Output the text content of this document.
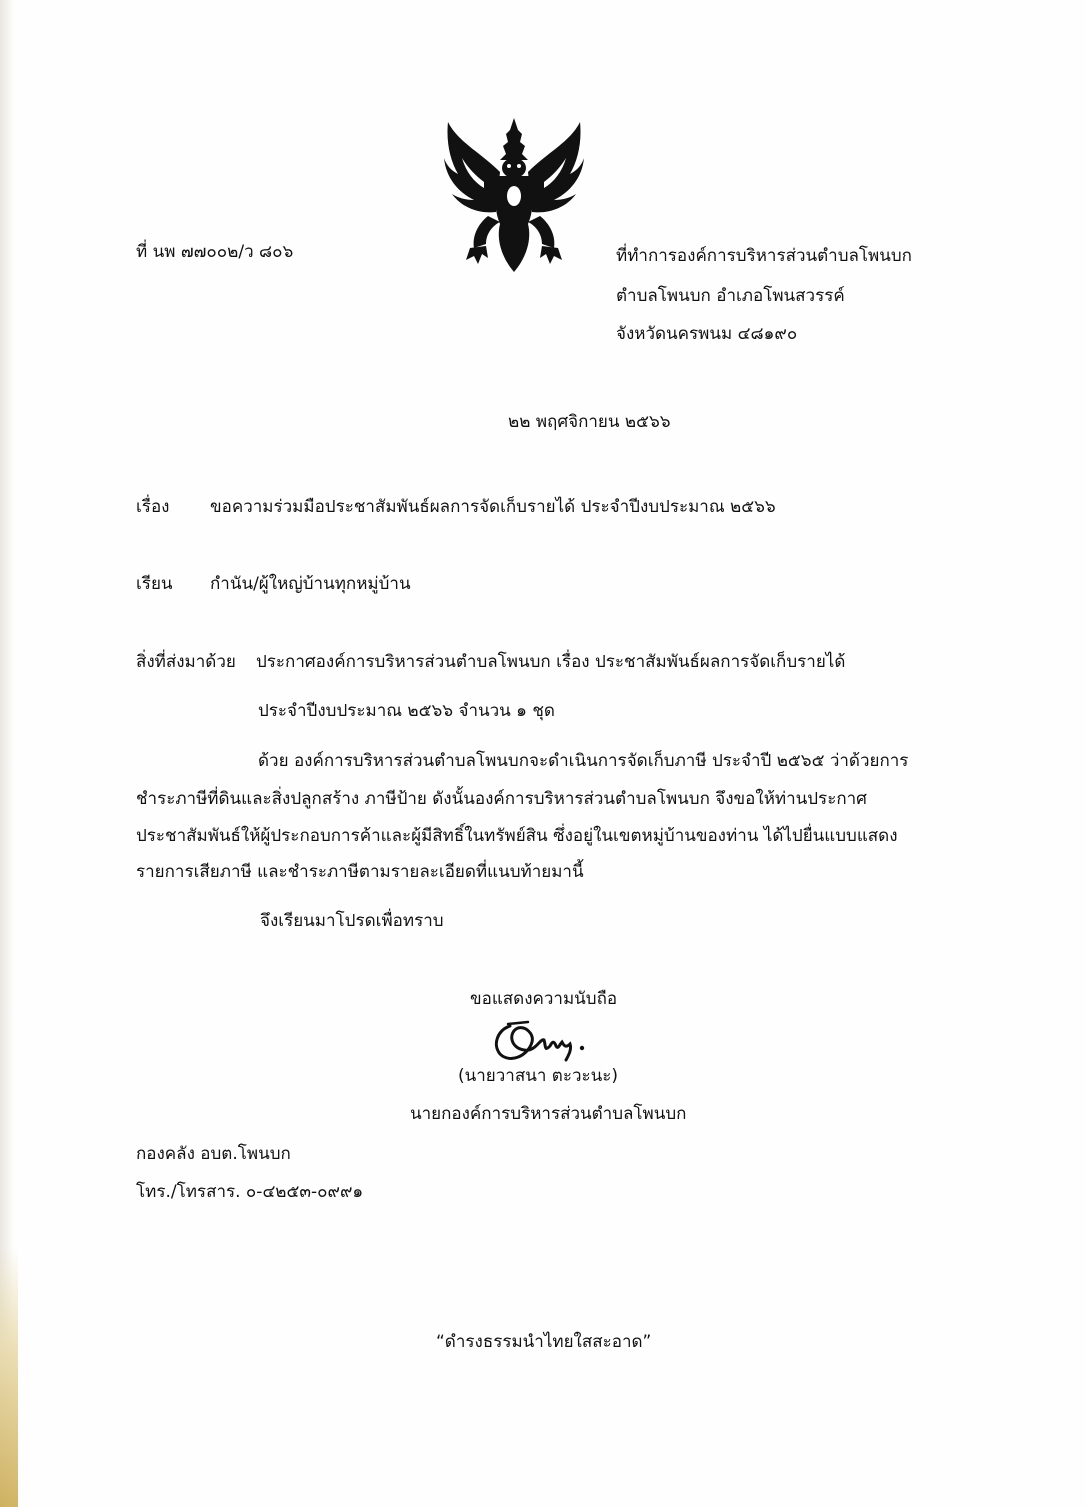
ที่ นพ ๗๗๐๐๒/ว ๘๐๖	ที่ทำการองค์การบริหารส่วนตำบลโพนบก
ตำบลโพนบก อำเภอโพนสวรรค์
จังหวัดนครพนม ๔๘๑๙๐
๒๒ พฤศจิกายน ๒๕๖๖
เรื่อง ขอความร่วมมือประชาสัมพันธ์ผลการจัดเก็บรายได้ ประจำปีงบประมาณ ๒๕๖๖
เรียน กำนัน/ผู้ใหญ่บ้านทุกหมู่บ้าน
สิ่งที่ส่งมาด้วย ประกาศองค์การบริหารส่วนตำบลโพนบก เรื่อง ประชาสัมพันธ์ผลการจัดเก็บรายได้
ประจำปีงบประมาณ ๒๕๖๖ จำนวน ๑ ชุด
ด้วย องค์การบริหารส่วนตำบลโพนบกจะดำเนินการจัดเก็บภาษี ประจำปี ๒๕๖๕ ว่าด้วยการ
ชำระภาษีที่ดินและสิ่งปลูกสร้าง ภาษีป้าย ดังนั้นองค์การบริหารส่วนตำบลโพนบก จึงขอให้ท่านประกาศ
ประชาสัมพันธ์ให้ผู้ประกอบการค้าและผู้มีสิทธิ์ในทรัพย์สิน ซึ่งอยู่ในเขตหมู่บ้านของท่าน ได้ไปยื่นแบบแสดง
รายการเสียภาษี และชำระภาษีตามรายละเอียดที่แนบท้ายมานี้
จึงเรียนมาโปรดเพื่อทราบ
ขอแสดงความนับถือ
(นายวาสนา ตะวะนะ)
นายกองค์การบริหารส่วนตำบลโพนบก
กองคลัง อบต.โพนบก
โทร./โทรสาร. ๐-๔๒๕๓-๐๙๙๑
“ดำรงธรรมนำไทยใสสะอาด”
